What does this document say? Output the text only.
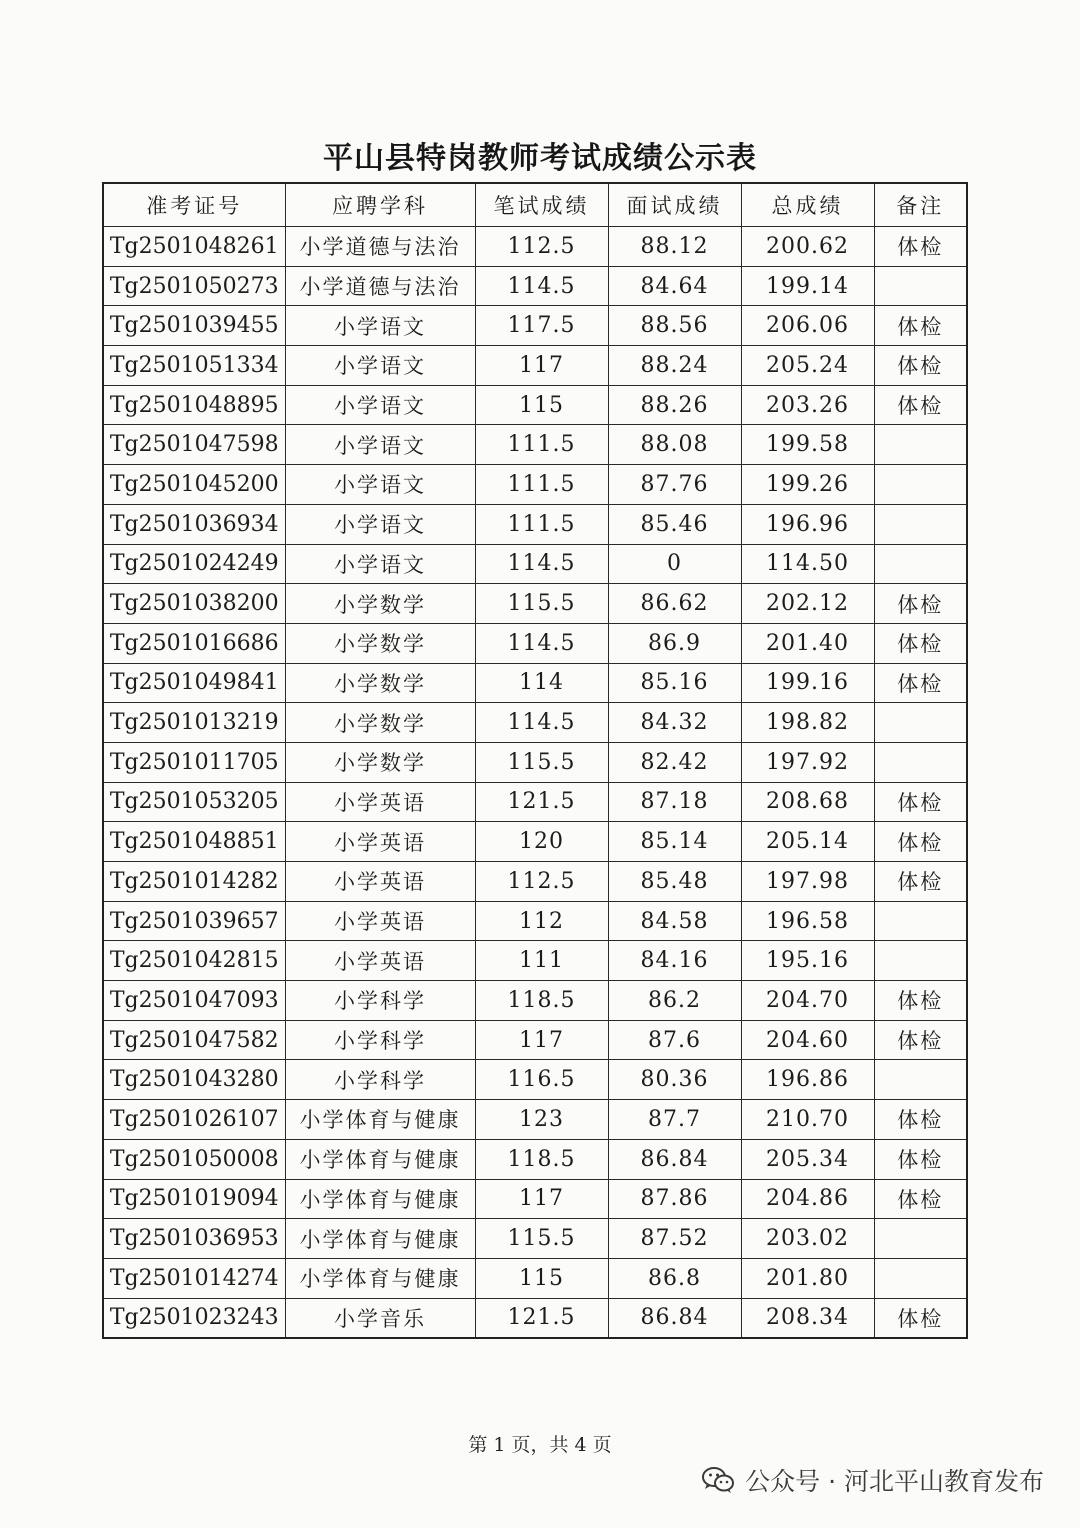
平山县特岗教师考试成绩公示表
准考证号	应聘学科	笔试成绩	面试成绩	总成绩	备注
Tg2501048261	小学道德与法治	112.5	88.12	200.62	体检
Tg2501050273	小学道德与法治	114.5	84.64	199.14	
Tg2501039455	小学语文	117.5	88.56	206.06	体检
Tg2501051334	小学语文	117	88.24	205.24	体检
Tg2501048895	小学语文	115	88.26	203.26	体检
Tg2501047598	小学语文	111.5	88.08	199.58	
Tg2501045200	小学语文	111.5	87.76	199.26	
Tg2501036934	小学语文	111.5	85.46	196.96	
Tg2501024249	小学语文	114.5	0	114.50	
Tg2501038200	小学数学	115.5	86.62	202.12	体检
Tg2501016686	小学数学	114.5	86.9	201.40	体检
Tg2501049841	小学数学	114	85.16	199.16	体检
Tg2501013219	小学数学	114.5	84.32	198.82	
Tg2501011705	小学数学	115.5	82.42	197.92	
Tg2501053205	小学英语	121.5	87.18	208.68	体检
Tg2501048851	小学英语	120	85.14	205.14	体检
Tg2501014282	小学英语	112.5	85.48	197.98	体检
Tg2501039657	小学英语	112	84.58	196.58	
Tg2501042815	小学英语	111	84.16	195.16	
Tg2501047093	小学科学	118.5	86.2	204.70	体检
Tg2501047582	小学科学	117	87.6	204.60	体检
Tg2501043280	小学科学	116.5	80.36	196.86	
Tg2501026107	小学体育与健康	123	87.7	210.70	体检
Tg2501050008	小学体育与健康	118.5	86.84	205.34	体检
Tg2501019094	小学体育与健康	117	87.86	204.86	体检
Tg2501036953	小学体育与健康	115.5	87.52	203.02	
Tg2501014274	小学体育与健康	115	86.8	201.80	
Tg2501023243	小学音乐	121.5	86.84	208.34	体检
第 1 页，共 4 页
公众号 · 河北平山教育发布
